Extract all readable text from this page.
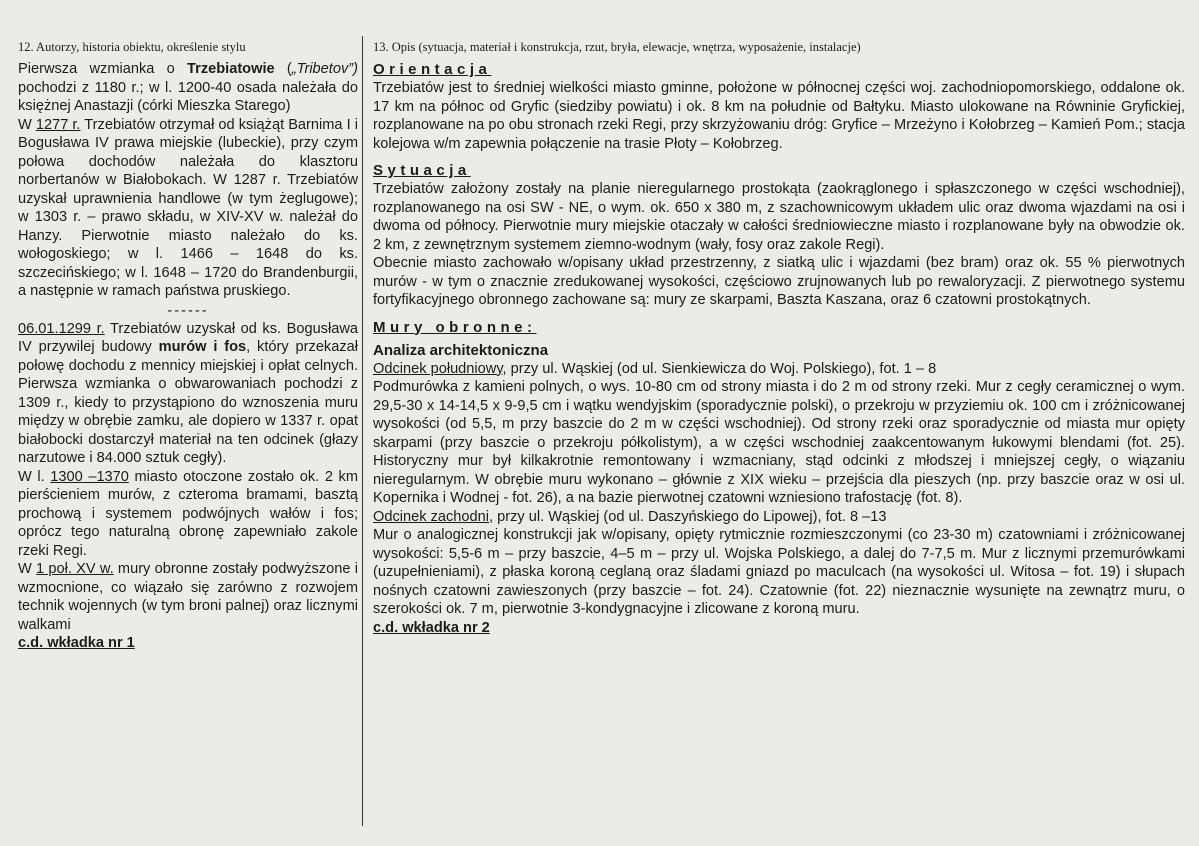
12. Autorzy, historia obiektu, określenie stylu

Pierwsza wzmianka o Trzebiatowie („Tribetov”) pochodzi z 1180 r.; w l. 1200-40 osada należała do księżnej Anastazji (córki Mieszka Starego)

W 1277 r. Trzebiatów otrzymał od książąt Barnima I i Bogusława IV prawa miejskie (lubeckie), przy czym połowa dochodów należała do klasztoru norbertanów w Białobokach. W 1287 r. Trzebiatów uzyskał uprawnienia handlowe (w tym żeglugowe); w 1303 r. – prawo składu, w XIV-XV w. należał do Hanzy. Pierwotnie miasto należało do ks. wołogoskiego; w l. 1466 – 1648 do ks. szczecińskiego; w l. 1648 – 1720 do Brandenburgii, a następnie w ramach państwa pruskiego.

------

06.01.1299 r. Trzebiatów uzyskał od ks. Bogusława IV przywilej budowy murów i fos, który przekazał połowę dochodu z mennicy miejskiej i opłat celnych. Pierwsza wzmianka o obwarowaniach pochodzi z 1309 r., kiedy to przystąpiono do wznoszenia muru między w obrębie zamku, ale dopiero w 1337 r. opat białobocki dostarczył materiał na ten odcinek (głazy narzutowe i 84.000 sztuk cegły).

W l. 1300 –1370 miasto otoczone zostało ok. 2 km pierścieniem murów, z czteroma bramami, basztą prochową i systemem podwójnych wałów i fos; oprócz tego naturalną obronę zapewniało zakole rzeki Regi.

W 1 poł. XV w. mury obronne zostały podwyższone i wzmocnione, co wiązało się zarówno z rozwojem technik wojennych (w tym broni palnej) oraz licznymi walkami

c.d. wkładka nr 1

13. Opis (sytuacja, materiał i konstrukcja, rzut, bryła, elewacje, wnętrza, wyposażenie, instalacje)

Orientacja

Trzebiatów jest to średniej wielkości miasto gminne, położone w północnej części woj. zachodniopomorskiego, oddalone ok. 17 km na północ od Gryfic (siedziby powiatu) i ok. 8 km na południe od Bałtyku. Miasto ulokowane na Równinie Gryfickiej, rozplanowane na po obu stronach rzeki Regi, przy skrzyżowaniu dróg: Gryfice – Mrzeżyno i Kołobrzeg – Kamień Pom.; stacja kolejowa w/m zapewnia połączenie na trasie Płoty – Kołobrzeg.

Sytuacja

Trzebiatów założony zostały na planie nieregularnego prostokąta (zaokrąglonego i spłaszczonego w części wschodniej), rozplanowanego na osi SW - NE, o wym. ok. 650 x 380 m, z szachownicowym układem ulic oraz dwoma wjazdami na osi i dwoma od północy. Pierwotnie mury miejskie otaczały w całości średniowieczne miasto i rozplanowane były na obwodzie ok. 2 km, z zewnętrznym systemem ziemno-wodnym (wały, fosy oraz zakole Regi).

Obecnie miasto zachowało w/opisany układ przestrzenny, z siatką ulic i wjazdami (bez bram) oraz ok. 55 % pierwotnych murów - w tym o znacznie zredukowanej wysokości, częściowo zrujnowanych lub po rewaloryzacji. Z pierwotnego systemu fortyfikacyjnego obronnego zachowane są: mury ze skarpami, Baszta Kaszana, oraz 6 czatowni prostokątnych.

Mury obronne:

Analiza architektoniczna

Odcinek południowy, przy ul. Wąskiej (od ul. Sienkiewicza do Woj. Polskiego), fot. 1 – 8

Podmurówka z kamieni polnych, o wys. 10-80 cm od strony miasta i do 2 m od strony rzeki. Mur z cegły ceramicznej o wym. 29,5-30 x 14-14,5 x 9-9,5 cm i wątku wendyjskim (sporadycznie polski), o przekroju w przyziemiu ok. 100 cm i zróżnicowanej wysokości (od 5,5, m przy baszcie do 2 m w części wschodniej). Od strony rzeki oraz sporadycznie od miasta mur opięty skarpami (przy baszcie o przekroju półkolistym), a w części wschodniej zaakcentowanym łukowymi blendami (fot. 25). Historyczny mur był kilkakrotnie remontowany i wzmacniany, stąd odcinki z młodszej i mniejszej cegły, o wiązaniu nieregularnym. W obrębie muru wykonano – głównie z XIX wieku – przejścia dla pieszych (np. przy baszcie oraz w osi ul. Kopernika i Wodnej - fot. 26), a na bazie pierwotnej czatowni wzniesiono trafostację (fot. 8).

Odcinek zachodni, przy ul. Wąskiej (od ul. Daszyńskiego do Lipowej), fot. 8 –13

Mur o analogicznej konstrukcji jak w/opisany, opięty rytmicznie rozmieszczonymi (co 23-30 m) czatowniami i zróżnicowanej wysokości: 5,5-6 m – przy baszcie, 4–5 m – przy ul. Wojska Polskiego, a dalej do 7-7,5 m. Mur z licznymi przemurówkami (uzupełnieniami), z płaska koroną ceglaną oraz śladami gniazd po maculcach (na wysokości ul. Witosa – fot. 19) i słupach nośnych czatowni zawieszonych (przy baszcie – fot. 24). Czatownie (fot. 22) nieznacznie wysunięte na zewnątrz muru, o szerokości ok. 7 m, pierwotnie 3-kondygnacyjne i zlicowane z koroną muru.

c.d. wkładka nr 2
